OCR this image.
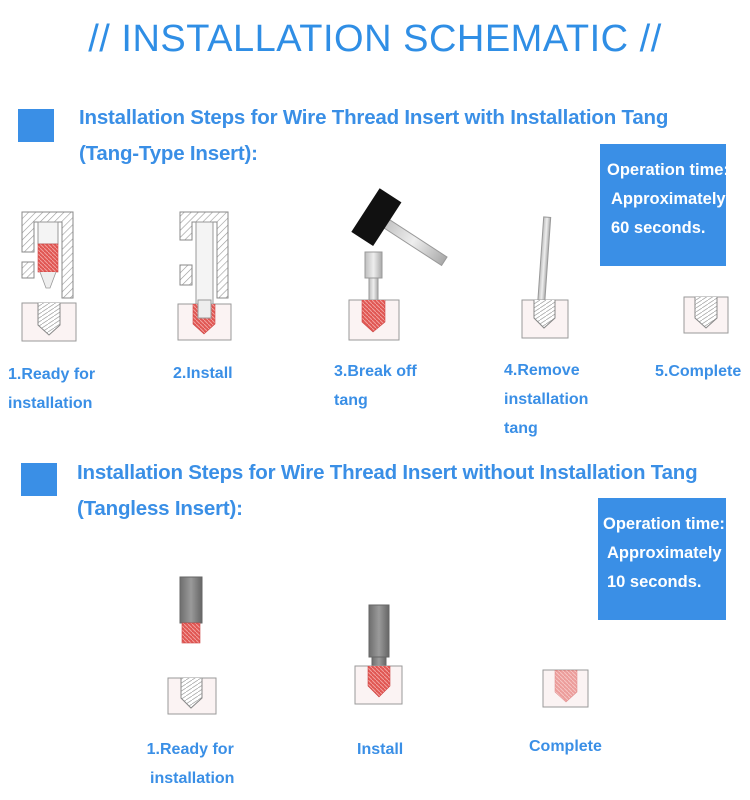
// INSTALLATION SCHEMATIC //
Installation Steps for Wire Thread Insert with Installation Tang
(Tang-Type Insert):
Operation time:
Approximately
60 seconds.
Installation Steps for Wire Thread Insert without Installation Tang
(Tangless Insert):
Operation time:
Approximately
10 seconds.
1.Ready for
installation
2.Install	3.Break off
tang
4.Remove
installation
tang
5.Complete
1.Ready for
installation
Install	Complete
